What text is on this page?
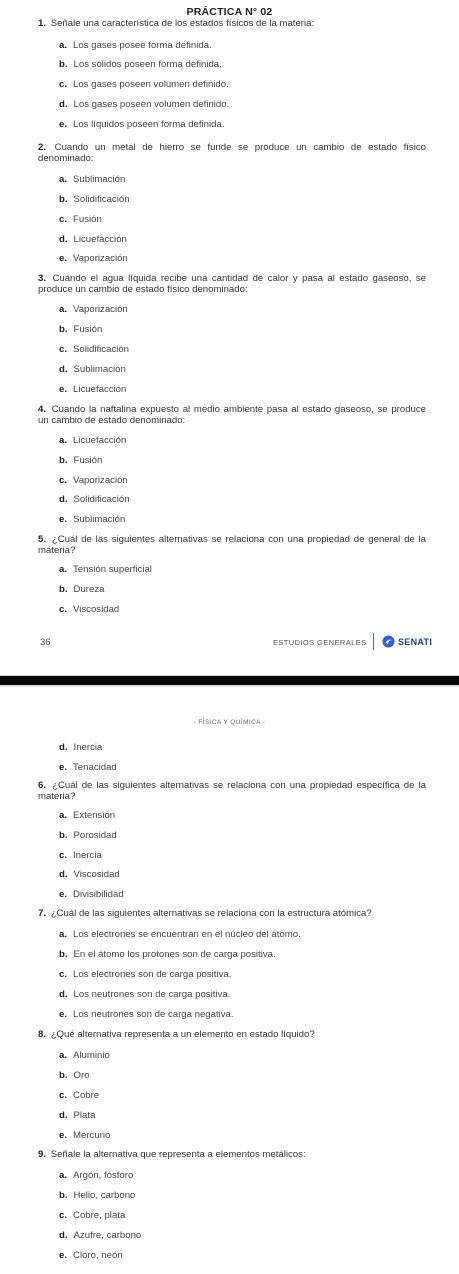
PRÁCTICA N° 02
1. Señale una característica de los estados físicos de la materia:
a. Los gases posee forma definida.
b. Los sólidos poseen forma definida.
c. Los gases poseen volumen definido.
d. Los gases poseen volumen definido.
e. Los líquidos poseen forma definida.
2. Cuando un metal de hierro se funde se produce un cambio de estado físico denominado:
a. Sublimación
b. Solidificación
c. Fusión
d. Licuefacción
e. Vaporización
3. Cuando el agua líquida recibe una cantidad de calor y pasa al estado gaseoso, se produce un cambio de estado físico denominado:
a. Vaporización
b. Fusión
c. Solidificación
d. Sublimación
e. Licuefacción
4. Cuando la naftalina expuesto al medio ambiente pasa al estado gaseoso, se produce un cambio de estado denominado:
a. Licuefacción
b. Fusión
c. Vaporización
d. Solidificación
e. Sublimación
5. ¿Cuál de las siguientes alternativas se relaciona con una propiedad de general de la materia?
a. Tensión superficial
b. Dureza
c. Viscosidad
36	ESTUDIOS GENERALES	SENATI
- FÍSICA Y QUÍMICA -
d. Inercia
e. Tenacidad
6. ¿Cuál de las siguientes alternativas se relaciona con una propiedad específica de la materia?
a. Extensión
b. Porosidad
c. Inercia
d. Viscosidad
e. Divisibilidad
7. ¿Cuál de las siguientes alternativas se relaciona con la estructura atómica?
a. Los electrones se encuentran en el núcleo del átomo.
b. En el átomo los protones son de carga positiva.
c. Los electrones son de carga positiva.
d. Los neutrones son de carga positiva.
e. Los neutrones son de carga negativa.
8. ¿Qué alternativa representa a un elemento en estado líquido?
a. Aluminio
b. Oro
c. Cobre
d. Plata
e. Mercurio
9. Señale la alternativa que representa a elementos metálicos:
a. Argón, fósforo
b. Helio, carbono
c. Cobre, plata
d. Azufre, carbono
e. Cloro, neón
